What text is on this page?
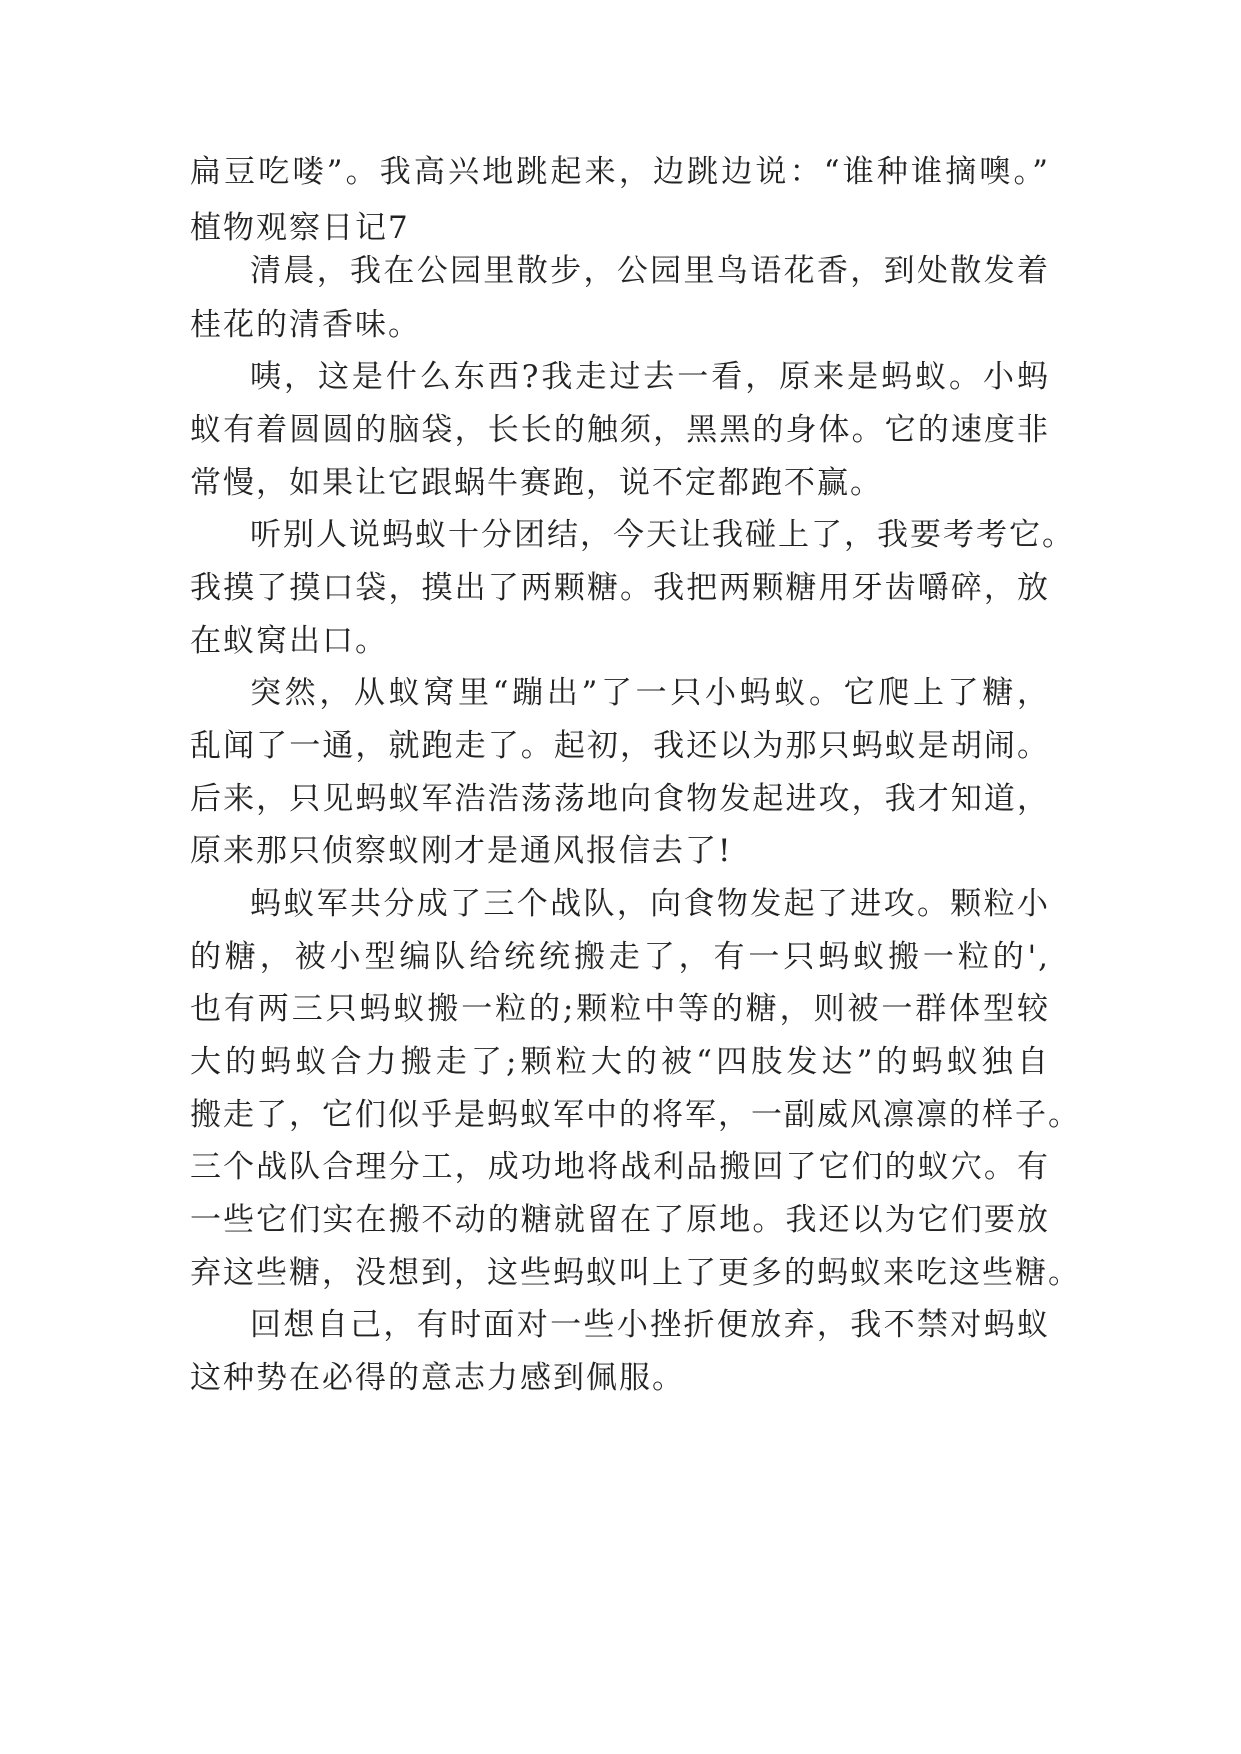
扁豆吃喽”。我高兴地跳起来，边跳边说：“谁种谁摘噢。”
植物观察日记7
清晨，我在公园里散步，公园里鸟语花香，到处散发着
桂花的清香味。
咦，这是什么东西?我走过去一看，原来是蚂蚁。小蚂
蚁有着圆圆的脑袋，长长的触须，黑黑的身体。它的速度非
常慢，如果让它跟蜗牛赛跑，说不定都跑不赢。
听别人说蚂蚁十分团结，今天让我碰上了，我要考考它。
我摸了摸口袋，摸出了两颗糖。我把两颗糖用牙齿嚼碎，放
在蚁窝出口。
突然，从蚁窝里“蹦出”了一只小蚂蚁。它爬上了糖，
乱闻了一通，就跑走了。起初，我还以为那只蚂蚁是胡闹。
后来，只见蚂蚁军浩浩荡荡地向食物发起进攻，我才知道，
原来那只侦察蚁刚才是通风报信去了!
蚂蚁军共分成了三个战队，向食物发起了进攻。颗粒小
的糖，被小型编队给统统搬走了，有一只蚂蚁搬一粒的',
也有两三只蚂蚁搬一粒的;颗粒中等的糖，则被一群体型较
大的蚂蚁合力搬走了;颗粒大的被“四肢发达”的蚂蚁独自
搬走了，它们似乎是蚂蚁军中的将军，一副威风凛凛的样子。
三个战队合理分工，成功地将战利品搬回了它们的蚁穴。有
一些它们实在搬不动的糖就留在了原地。我还以为它们要放
弃这些糖，没想到，这些蚂蚁叫上了更多的蚂蚁来吃这些糖。
回想自己，有时面对一些小挫折便放弃，我不禁对蚂蚁
这种势在必得的意志力感到佩服。
